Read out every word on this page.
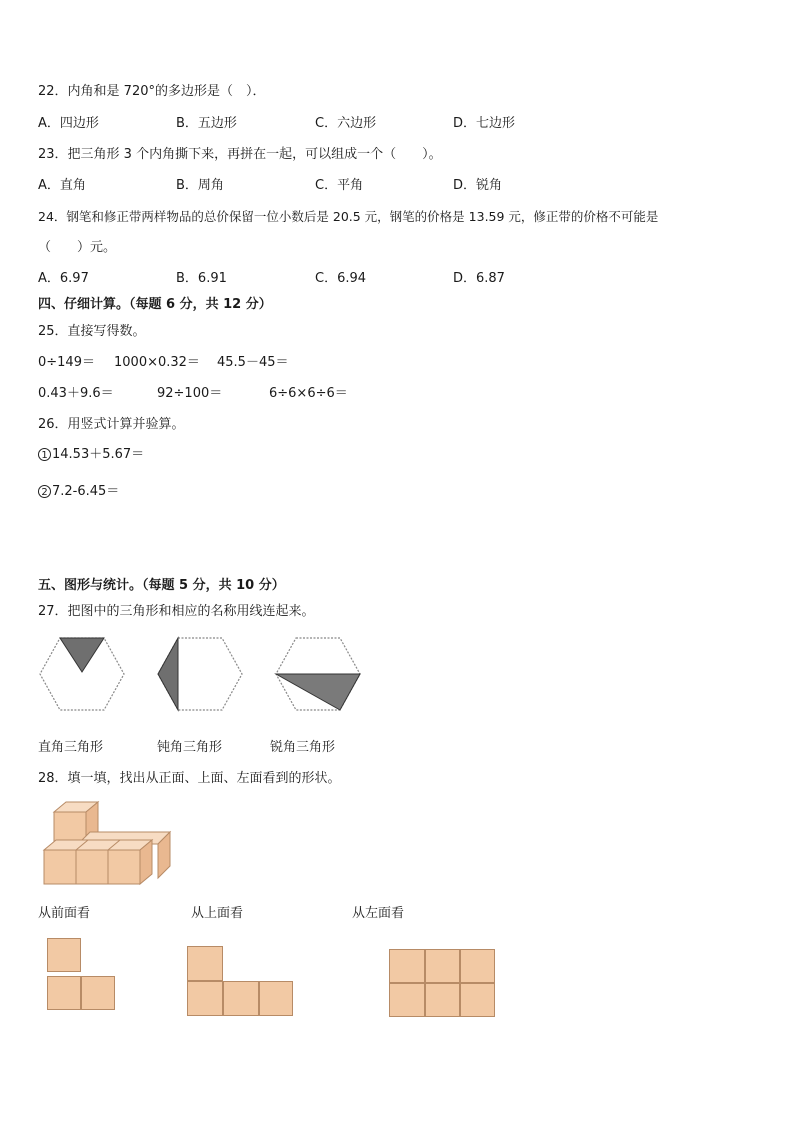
22．内角和是 720°的多边形是（　）．
A．四边形	B．五边形	C．六边形	D．七边形
23．把三角形 3 个内角撕下来，再拼在一起，可以组成一个（　　）。
A．直角	B．周角	C．平角	D．锐角
24．钢笔和修正带两样物品的总价保留一位小数后是 20.5 元，钢笔的价格是 13.59 元，修正带的价格不可能是
（　　）元。
A．6.97	B．6.91	C．6.94	D．6.87
四、仔细计算。（每题 6 分，共 12 分）
25．直接写得数。
0÷149＝ 1000×0.32＝ 45.5－45＝
0.43＋9.6＝	92÷100＝	6÷6×6÷6＝
26．用竖式计算并验算。
1 14.53＋5.67＝
2 7.2-6.45＝
五、图形与统计。（每题 5 分，共 10 分）
27．把图中的三角形和相应的名称用线连起来。
直角三角形	钝角三角形	锐角三角形
28．填一填，找出从正面、上面、左面看到的形状。
从前面看	从上面看	从左面看
